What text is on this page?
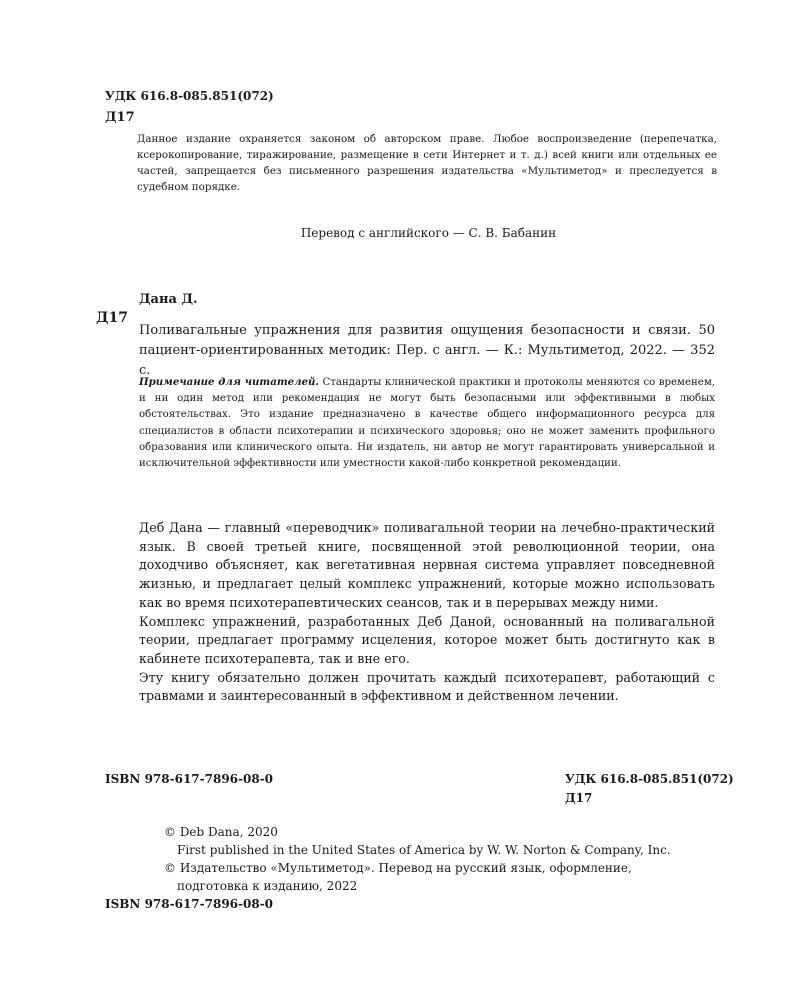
УДК 616.8-085.851(072)
Д17
Данное издание охраняется законом об авторском праве. Любое воспроизведение (перепечатка, ксерокопирование, тиражирование, размещение в сети Интернет и т. д.) всей книги или отдельных ее частей, запрещается без письменного разрешения издательства «Мультиметод» и преследуется в судебном порядке.
Перевод с английского — С. В. Бабанин
Дана Д.
Д17

Поливагальные упражнения для развития ощущения безопасности и связи. 50 пациент-ориентированных методик: Пер. с англ. — К.: Мультиметод, 2022. — 352 с.
Примечание для читателей. Стандарты клинической практики и протоколы меняются со временем, и ни один метод или рекомендация не могут быть безопасными или эффективными в любых обстоятельствах. Это издание предназначено в качестве общего информационного ресурса для специалистов в области психотерапии и психического здоровья; оно не может заменить профильного образования или клинического опыта. Ни издатель, ни автор не могут гарантировать универсальной и исключительной эффективности или уместности какой-либо конкретной рекомендации.

Деб Дана — главный «переводчик» поливагальной теории на лечебно-практический язык. В своей третьей книге, посвященной этой революционной теории, она доходчиво объясняет, как вегетативная нервная система управляет повседневной жизнью, и предлагает целый комплекс упражнений, которые можно использовать как во время психотерапевтических сеансов, так и в перерывах между ними.

Комплекс упражнений, разработанных Деб Даной, основанный на поливагальной теории, предлагает программу исцеления, которое может быть достигнуто как в кабинете психотерапевта, так и вне его.

Эту книгу обязательно должен прочитать каждый психотерапевт, работающий с травмами и заинтересованный в эффективном и действенном лечении.

ISBN 978-617-7896-08-0	УДК 616.8-085.851(072)
Д17
© Deb Dana, 2020
First published in the United States of America by W. W. Norton & Company, Inc.
© Издательство «Мультиметод». Перевод на русский язык, оформление,
подготовка к изданию, 2022
ISBN 978-617-7896-08-0
